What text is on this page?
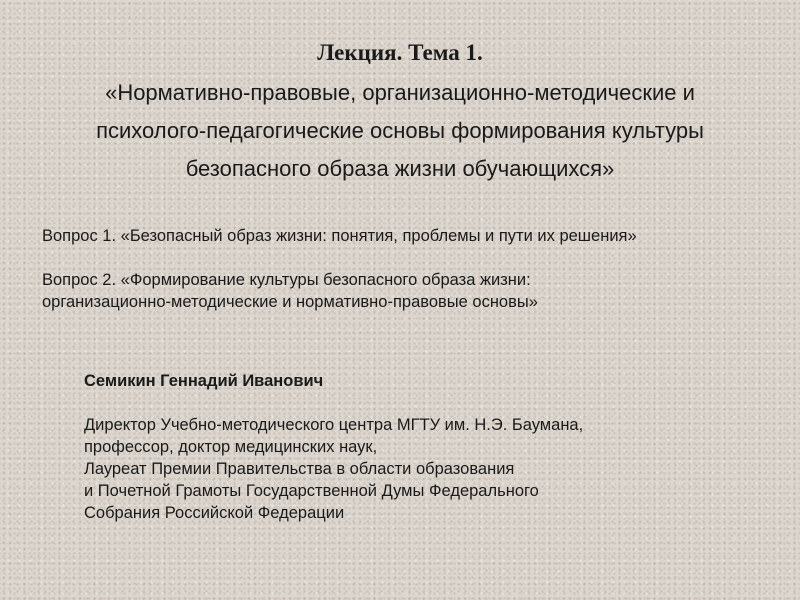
Лекция. Тема 1.

«Нормативно-правовые, организационно-методические и
психолого-педагогические основы формирования культуры
безопасного образа жизни обучающихся»

Вопрос 1. «Безопасный образ жизни: понятия, проблемы и пути их решения»

Вопрос 2. «Формирование культуры безопасного образа жизни:
организационно-методические и нормативно-правовые основы»

Семикин Геннадий Иванович

Директор Учебно-методического центра МГТУ им. Н.Э. Баумана,
профессор, доктор медицинских наук,
Лауреат Премии Правительства в области образования
и Почетной Грамоты Государственной Думы Федерального
Собрания Российской Федерации
